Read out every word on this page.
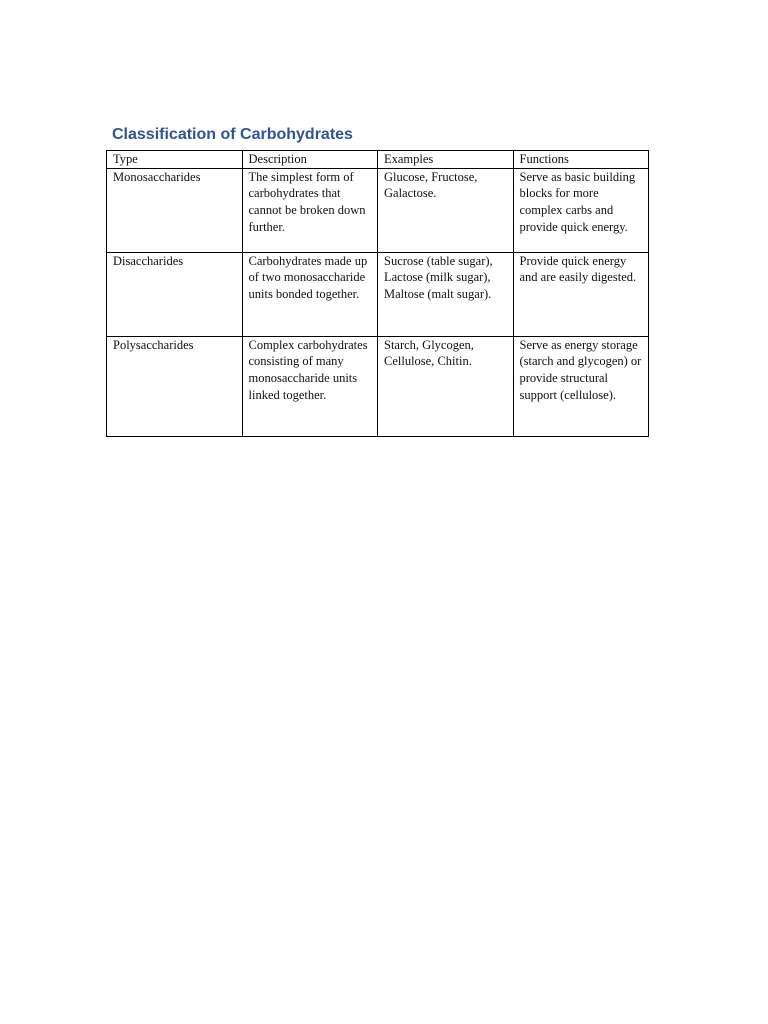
Classification of Carbohydrates
Type	Description	Examples	Functions
Monosaccharides	The simplest form of carbohydrates that cannot be broken down further.	Glucose, Fructose, Galactose.	Serve as basic building blocks for more complex carbs and provide quick energy.
Disaccharides	Carbohydrates made up of two monosaccharide units bonded together.	Sucrose (table sugar), Lactose (milk sugar), Maltose (malt sugar).	Provide quick energy and are easily digested.
Polysaccharides	Complex carbohydrates consisting of many monosaccharide units linked together.	Starch, Glycogen, Cellulose, Chitin.	Serve as energy storage (starch and glycogen) or provide structural support (cellulose).
